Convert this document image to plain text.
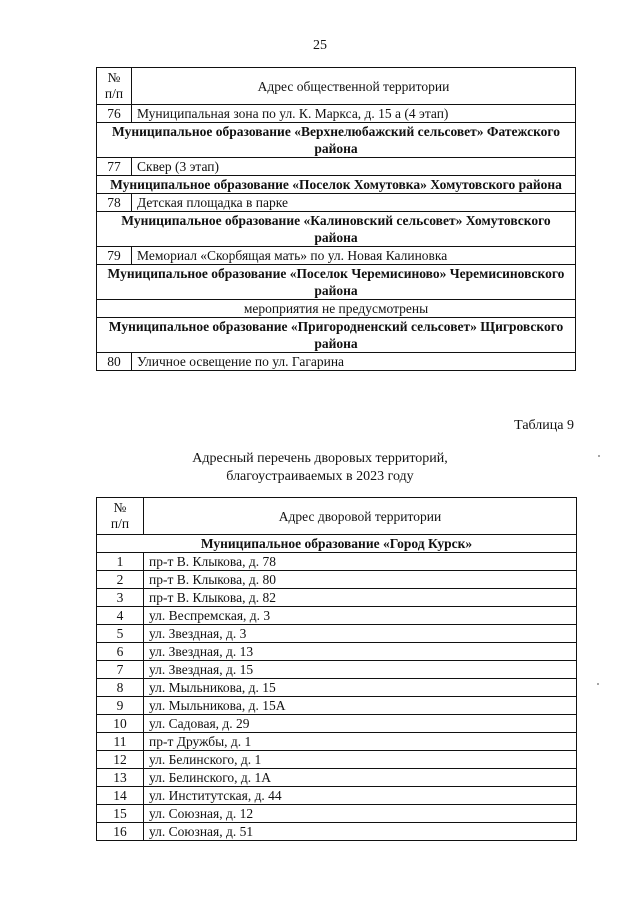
25
№
п/п	Адрес общественной территории
76	Муниципальная зона по ул. К. Маркса, д. 15 а (4 этап)
Муниципальное образование «Верхнелюбажский сельсовет» Фатежского района	
77	Сквер (3 этап)
Муниципальное образование «Поселок Хомутовка» Хомутовского района	
78	Детская площадка в парке
Муниципальное образование «Калиновский сельсовет» Хомутовского района	
79	Мемориал «Скорбящая мать» по ул. Новая Калиновка
Муниципальное образование «Поселок Черемисиново» Черемисиновского района	
мероприятия не предусмотрены	
Муниципальное образование «Пригородненский сельсовет» Щигровского района	
80	Уличное освещение по ул. Гагарина
Таблица 9
Адресный перечень дворовых территорий,
благоустраиваемых в 2023 году
№
п/п	Адрес дворовой территории
Муниципальное образование «Город Курск»	
1	пр-т В. Клыкова, д. 78
2	пр-т В. Клыкова, д. 80
3	пр-т В. Клыкова, д. 82
4	ул. Веспремская, д. 3
5	ул. Звездная, д. 3
6	ул. Звездная, д. 13
7	ул. Звездная, д. 15
8	ул. Мыльникова, д. 15
9	ул. Мыльникова, д. 15А
10	ул. Садовая, д. 29
11	пр-т Дружбы, д. 1
12	ул. Белинского, д. 1
13	ул. Белинского, д. 1А
14	ул. Институтская, д. 44
15	ул. Союзная, д. 12
16	ул. Союзная, д. 51
